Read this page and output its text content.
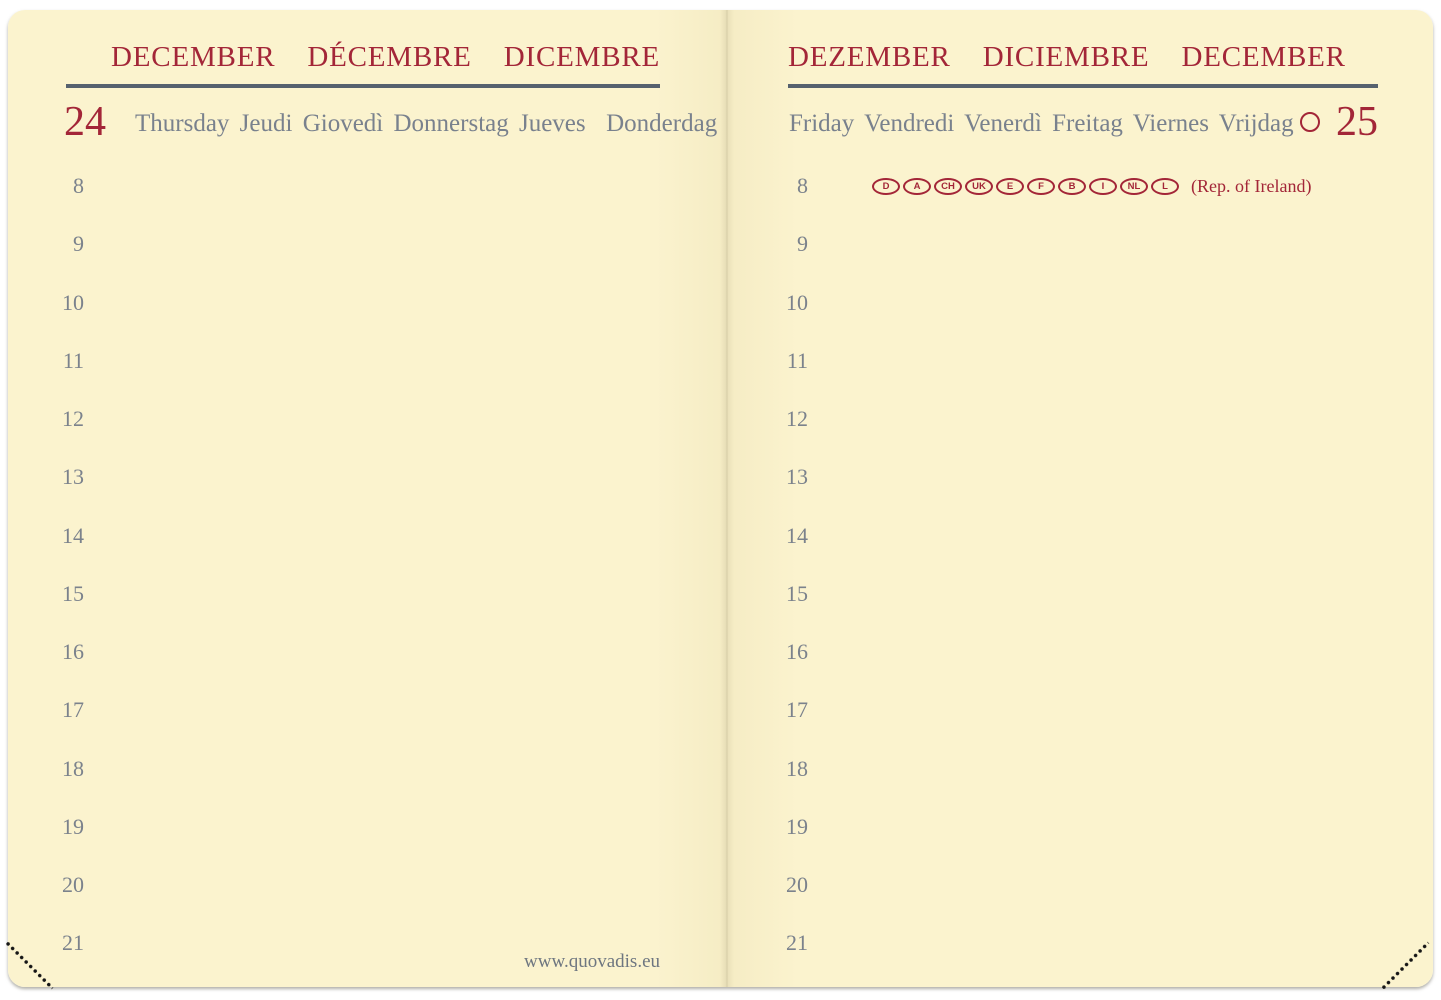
DECEMBER DÉCEMBRE DICEMBRE
24 Thursday Jeudi Giovedì Donnerstag Jueves  Donderdag
8
9
10
11
12
13
14
15
16
17
18
19
20
21
www.quovadis.eu
DEZEMBER DICIEMBRE DECEMBER
Friday Vendredi Venerdì Freitag Viernes Vrijdag 25
D	A	CH	UK	E	F	B	I	NL	L	(Rep. of Ireland)
8
9
10
11
12
13
14
15
16
17
18
19
20
21
